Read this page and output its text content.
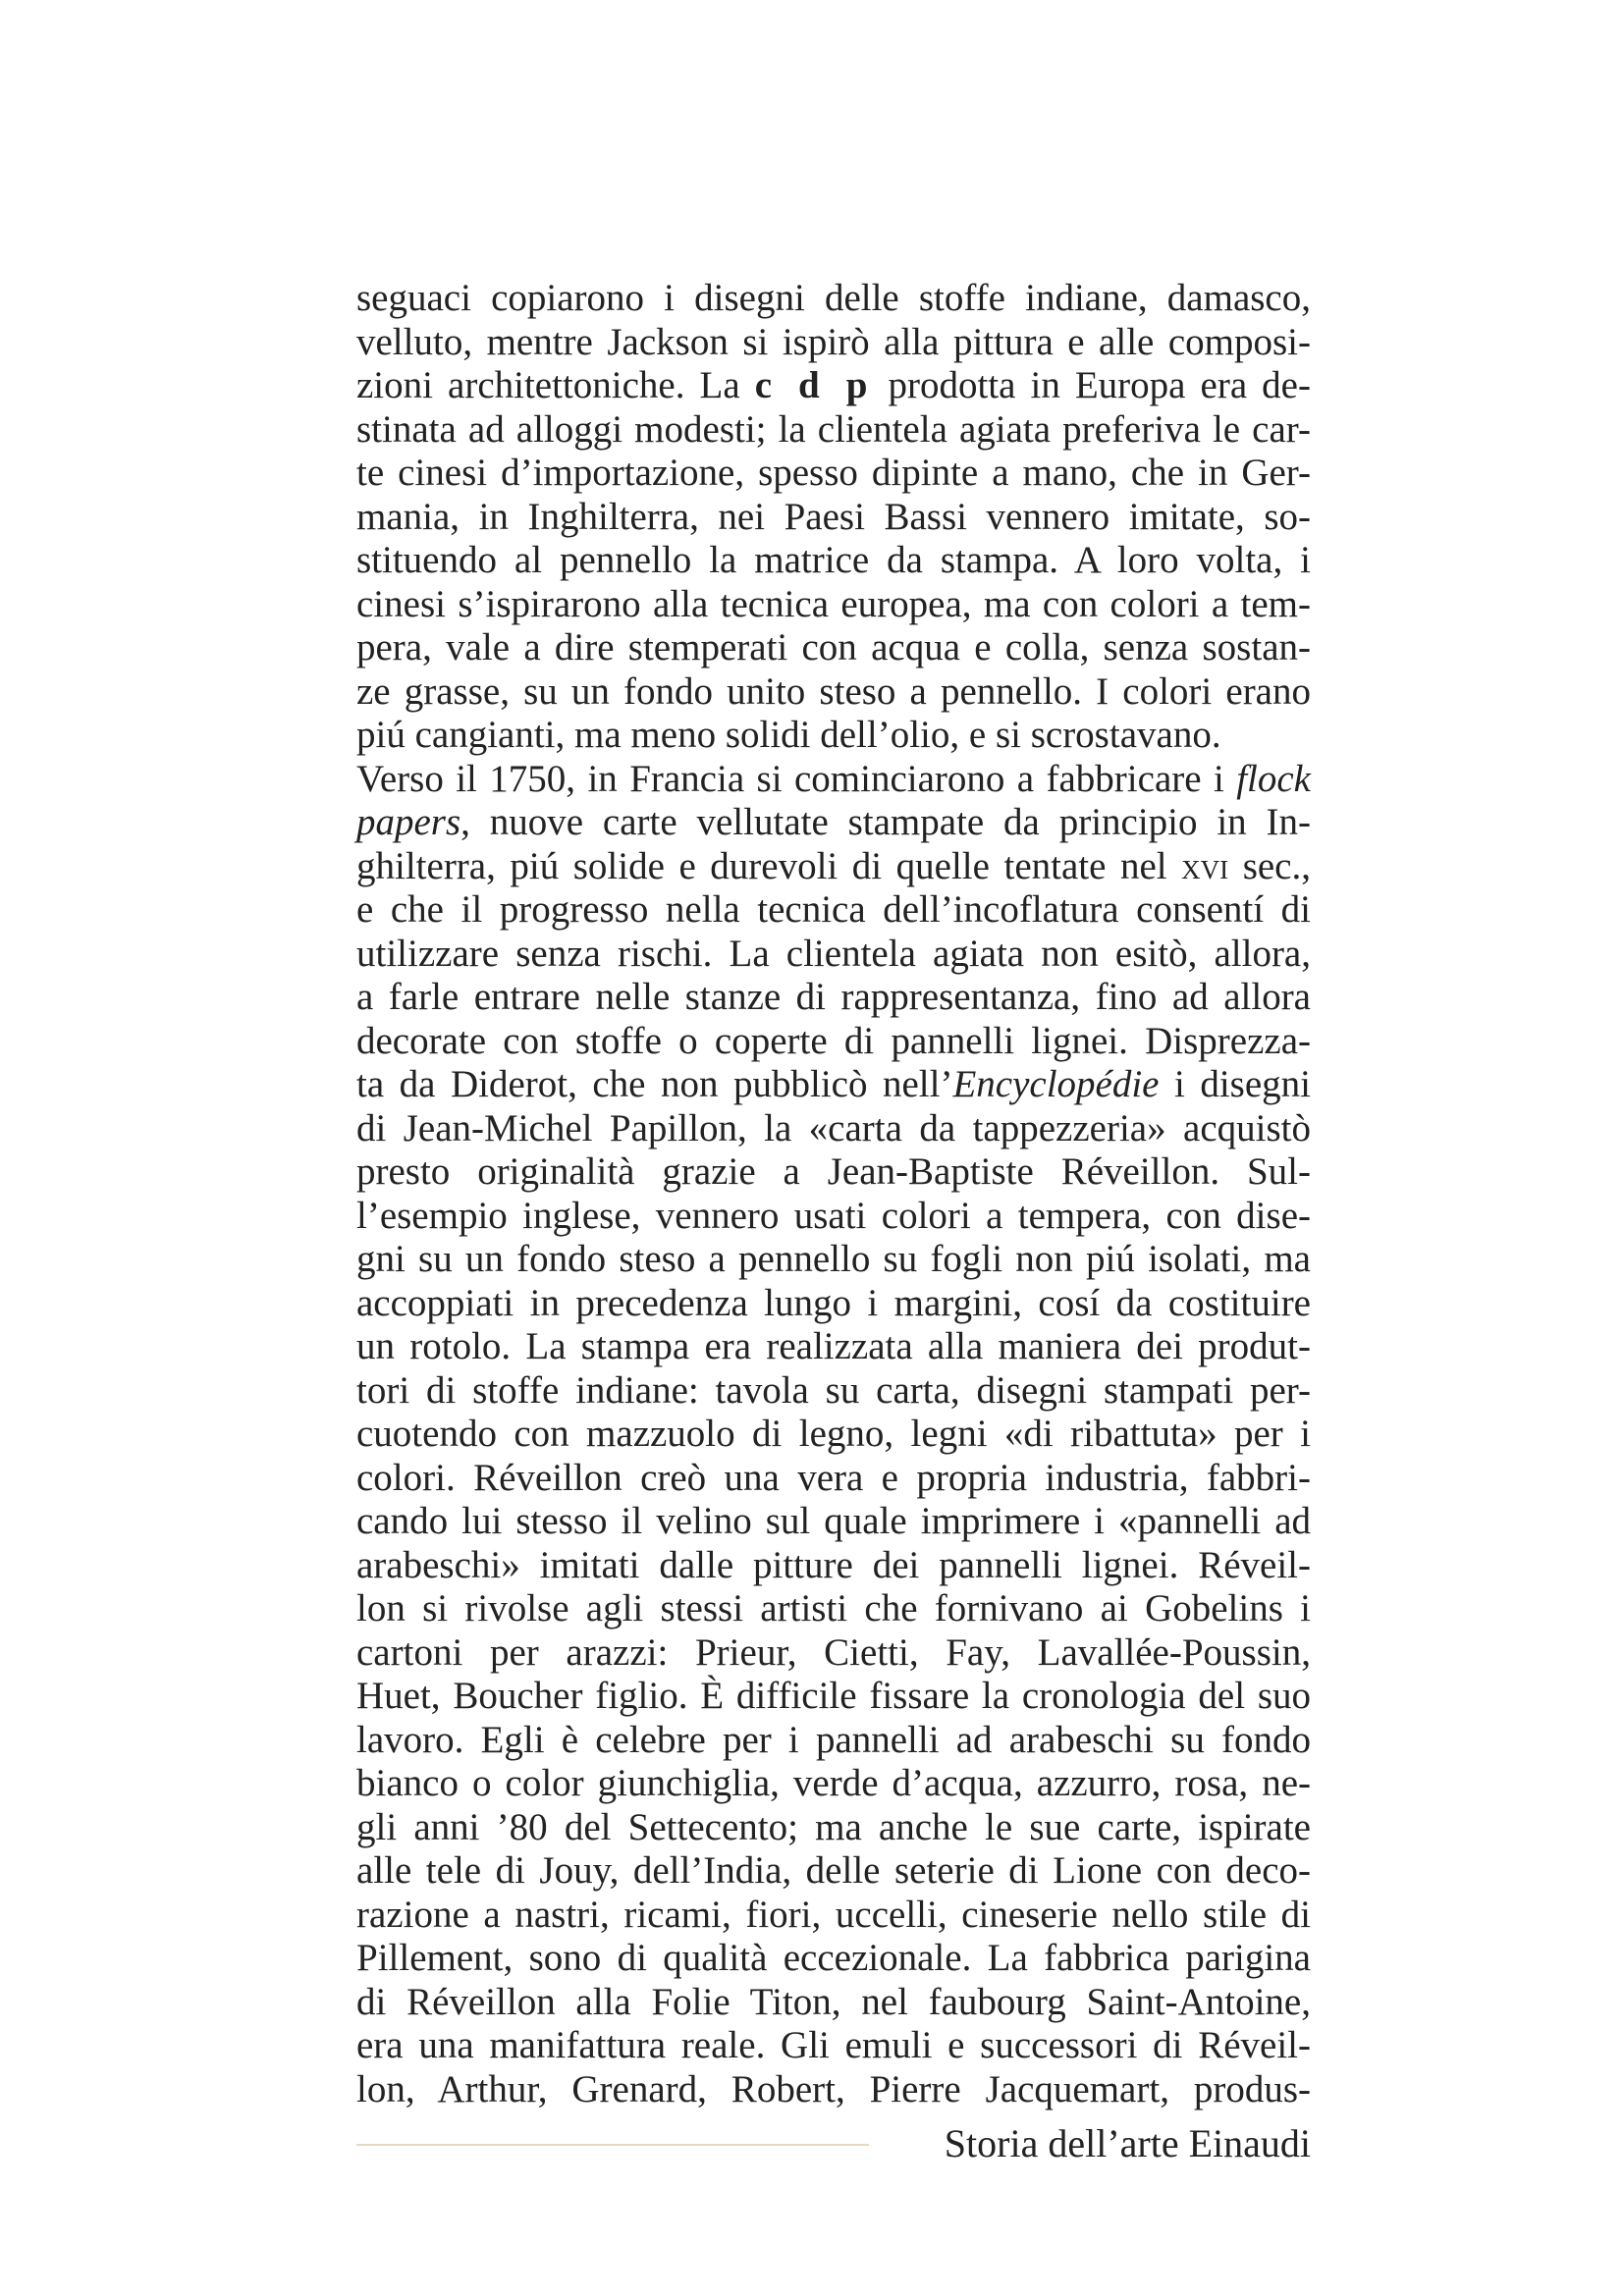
seguaci copiarono i disegni delle stoffe indiane, damasco,
velluto, mentre Jackson si ispirò alla pittura e alle composi-
zioni architettoniche. La c d p prodotta in Europa era de-
stinata ad alloggi modesti; la clientela agiata preferiva le car-
te cinesi d’importazione, spesso dipinte a mano, che in Ger-
mania, in Inghilterra, nei Paesi Bassi vennero imitate, so-
stituendo al pennello la matrice da stampa. A loro volta, i
cinesi s’ispirarono alla tecnica europea, ma con colori a tem-
pera, vale a dire stemperati con acqua e colla, senza sostan-
ze grasse, su un fondo unito steso a pennello. I colori erano
piú cangianti, ma meno solidi dell’olio, e si scrostavano.
Verso il 1750, in Francia si cominciarono a fabbricare i flock
papers, nuove carte vellutate stampate da principio in In-
ghilterra, piú solide e durevoli di quelle tentate nel xvi sec.,
e che il progresso nella tecnica dell’incoflatura consentí di
utilizzare senza rischi. La clientela agiata non esitò, allora,
a farle entrare nelle stanze di rappresentanza, fino ad allora
decorate con stoffe o coperte di pannelli lignei. Disprezza-
ta da Diderot, che non pubblicò nell’Encyclopédie i disegni
di Jean-Michel Papillon, la «carta da tappezzeria» acquistò
presto originalità grazie a Jean-Baptiste Réveillon. Sul-
l’esempio inglese, vennero usati colori a tempera, con dise-
gni su un fondo steso a pennello su fogli non piú isolati, ma
accoppiati in precedenza lungo i margini, cosí da costituire
un rotolo. La stampa era realizzata alla maniera dei produt-
tori di stoffe indiane: tavola su carta, disegni stampati per-
cuotendo con mazzuolo di legno, legni «di ribattuta» per i
colori. Réveillon creò una vera e propria industria, fabbri-
cando lui stesso il velino sul quale imprimere i «pannelli ad
arabeschi» imitati dalle pitture dei pannelli lignei. Réveil-
lon si rivolse agli stessi artisti che fornivano ai Gobelins i
cartoni per arazzi: Prieur, Cietti, Fay, Lavallée-Poussin,
Huet, Boucher figlio. È difficile fissare la cronologia del suo
lavoro. Egli è celebre per i pannelli ad arabeschi su fondo
bianco o color giunchiglia, verde d’acqua, azzurro, rosa, ne-
gli anni ’80 del Settecento; ma anche le sue carte, ispirate
alle tele di Jouy, dell’India, delle seterie di Lione con deco-
razione a nastri, ricami, fiori, uccelli, cineserie nello stile di
Pillement, sono di qualità eccezionale. La fabbrica parigina
di Réveillon alla Folie Titon, nel faubourg Saint-Antoine,
era una manifattura reale. Gli emuli e successori di Réveil-
lon, Arthur, Grenard, Robert, Pierre Jacquemart, produs-
Storia dell’arte Einaudi
